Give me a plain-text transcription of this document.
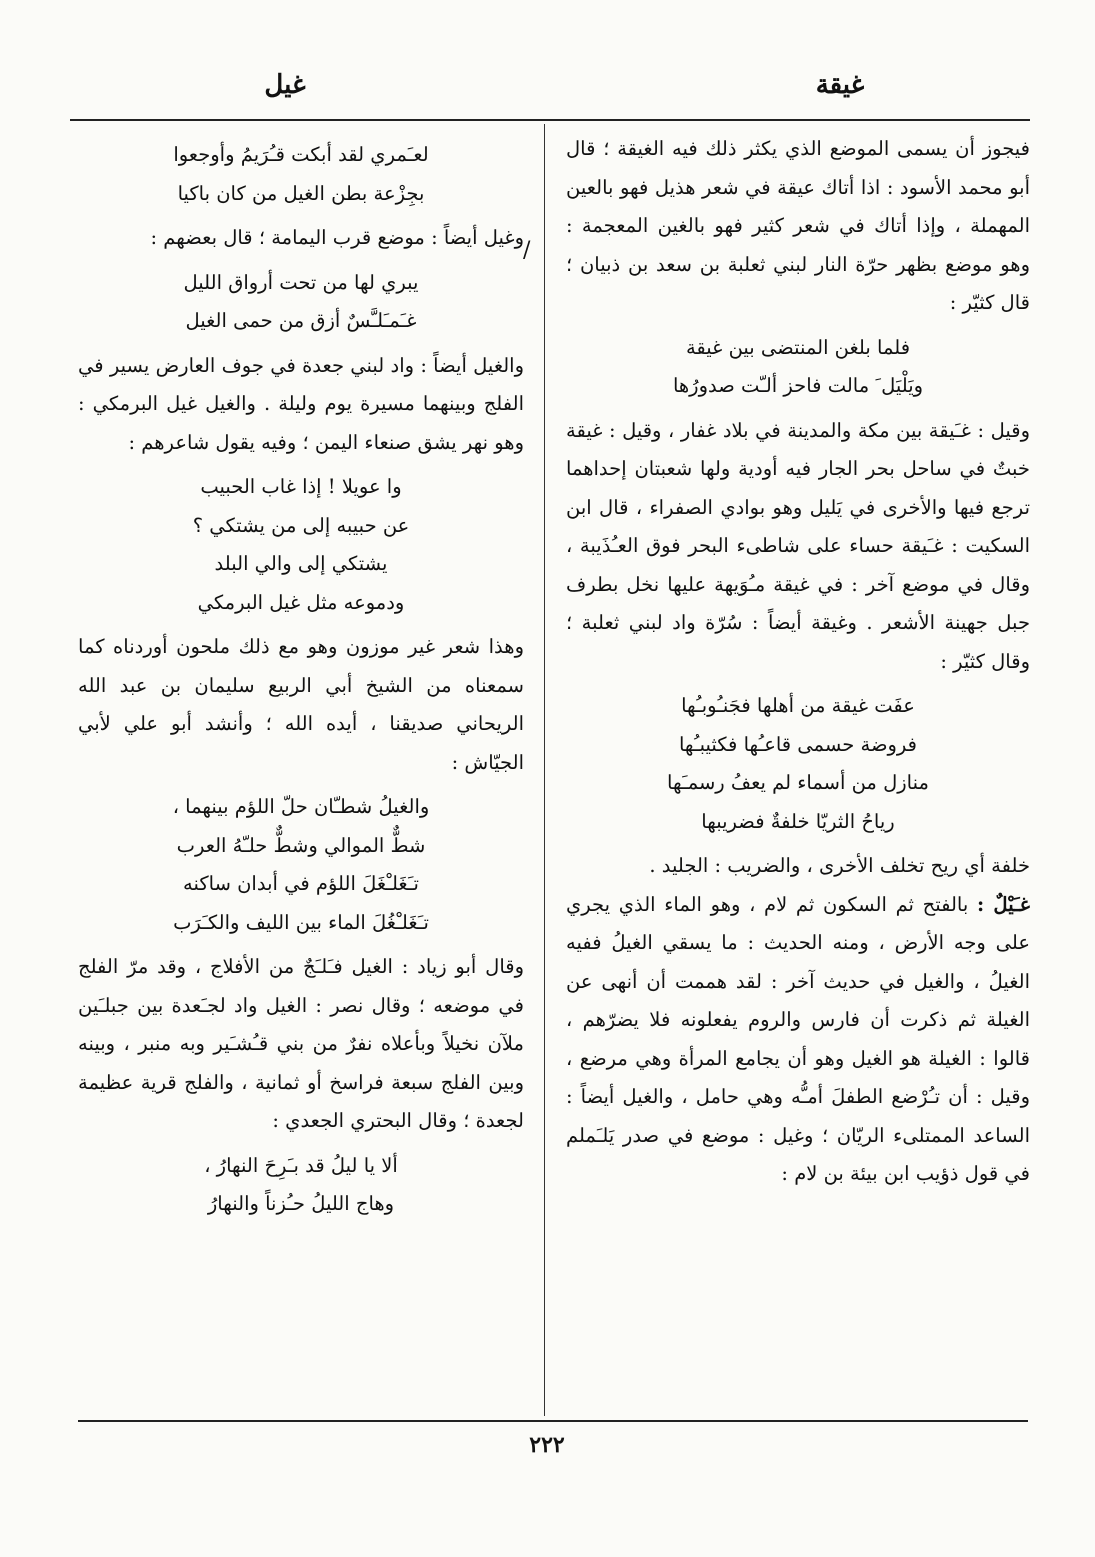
غيقة
غيل

فيجوز أن يسمى الموضع الذي يكثر ذلك فيه الغيقة ؛ قال أبو محمد الأسود : اذا أتاك عيقة في شعر هذيل فهو بالعين المهملة ، وإذا أتاك في شعر كثير فهو بالغين المعجمة : وهو موضع بظهر حرّة النار لبني ثعلبة بن سعد بن ذبيان ؛ قال كثيّر :

فلما بلغن المنتضى بين غيقة
ويَلْيَل َ مالت فاحز ألـّت صدورُها

وقيل : غـَيقة بين مكة والمدينة في بلاد غفار ، وقيل : غيقة خبتٌ في ساحل بحر الجار فيه أودية ولها شعبتان إحداهما ترجع فيها والأخرى في يَليل وهو بوادي الصفراء ، قال ابن السكيت : غـَيقة حساء على شاطىء البحر فوق العـُذَيبة ، وقال في موضع آخر : في غيقة مـُوَيهة عليها نخل بطرف جبل جهينة الأشعر . وغيقة أيضاً : سُرّة واد لبني ثعلبة ؛ وقال كثيّر :

عفَت غيقة من أهلها فجَنـُوبـُها
فروضة حسمى قاعـُها فكثيبـُها
منازل من أسماء لم يعفُ رسمـَها
رياحُ الثريّا خلفةٌ فضريبها

خلفة أي ريح تخلف الأخرى ، والضريب : الجليد .

غـَيْلٌ : بالفتح ثم السكون ثم لام ، وهو الماء الذي يجري على وجه الأرض ، ومنه الحديث : ما يسقي الغيلُ ففيه الغيلُ ، والغيل في حديث آخر : لقد هممت أن أنهى عن الغيلة ثم ذكرت أن فارس والروم يفعلونه فلا يضرّهم ، قالوا : الغيلة هو الغيل وهو أن يجامع المرأة وهي مرضع ، وقيل : أن تـُرْضع الطفلَ أمـُّه وهي حامل ، والغيل أيضاً : الساعد الممتلىء الريّان ؛ وغيل : موضع في صدر يَلـَملم في قول ذؤيب ابن بيئة بن لام :

/
لعـَمري لقد أبكت قـُرَيمُ وأوجعوا
بجِزْعة بطن الغيل من كان باكيا

وغيل أيضاً : موضع قرب اليمامة ؛ قال بعضهم :

يبري لها من تحت أرواق الليل
غـَمـَلـَّسٌ أزق من حمى الغيل

والغيل أيضاً : واد لبني جعدة في جوف العارض يسير في الفلج وبينهما مسيرة يوم وليلة . والغيل غيل البرمكي : وهو نهر يشق صنعاء اليمن ؛ وفيه يقول شاعرهم :

وا عويلا ! إذا غاب الحبيب
عن حبيبه إلى من يشتكي ؟
يشتكي إلى والي البلد
ودموعه مثل غيل البرمكي

وهذا شعر غير موزون وهو مع ذلك ملحون أوردناه كما سمعناه من الشيخ أبي الربيع سليمان بن عبد الله الريحاني صديقنا ، أيده الله ؛ وأنشد أبو علي لأبي الجيّاش :

والغيلُ شطـّان حلّ اللؤم بينهما ،
شطٌّ الموالي وشطٌّ حلـّهُ العرب
تـَغَلـْغَلَ اللؤم في أبدان ساكنه
تـَغَلـْغُلَ الماء بين الليف والكـَرَب

وقال أبو زياد : الغيل فـَلـَجٌ من الأفلاج ، وقد مرّ الفلج في موضعه ؛ وقال نصر : الغيل واد لجـَعدة بين جبلـَين ملآن نخيلاً وبأعلاه نفرٌ من بني قـُشـَير وبه منبر ، وبينه وبين الفلج سبعة فراسخ أو ثمانية ، والفلج قرية عظيمة لجعدة ؛ وقال البحتري الجعدي :

ألا يا ليلُ قد بـَرِحَ النهارُ ،
وهاج الليلُ حـُزناً والنهارُ
٢٢٢
